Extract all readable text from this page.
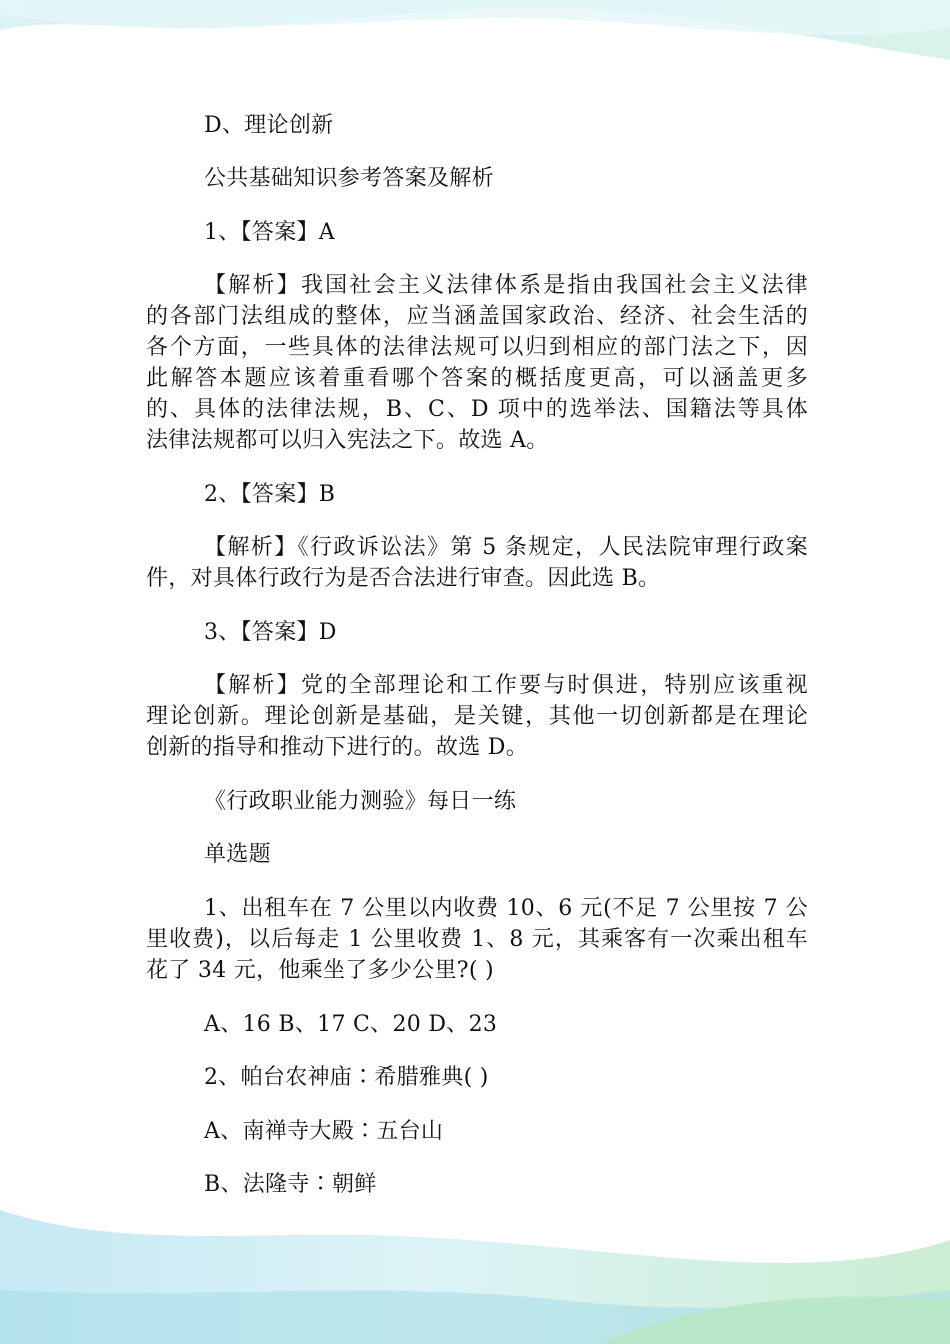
D、理论创新

公共基础知识参考答案及解析

1、【答案】A

【解析】我国社会主义法律体系是指由我国社会主义法律
的各部门法组成的整体，应当涵盖国家政治、经济、社会生活的
各个方面，一些具体的法律法规可以归到相应的部门法之下，因
此解答本题应该着重看哪个答案的概括度更高，可以涵盖更多
的、具体的法律法规，B、C、D 项中的选举法、国籍法等具体
法律法规都可以归入宪法之下。故选 A。

2、【答案】B

【解析】《行政诉讼法》第 5 条规定，人民法院审理行政案
件，对具体行政行为是否合法进行审查。因此选 B。

3、【答案】D

【解析】党的全部理论和工作要与时俱进，特别应该重视
理论创新。理论创新是基础，是关键，其他一切创新都是在理论
创新的指导和推动下进行的。故选 D。

《行政职业能力测验》每日一练

单选题

1、出租车在 7 公里以内收费 10、6 元(不足 7 公里按 7 公
里收费)，以后每走 1 公里收费 1、8 元，其乘客有一次乘出租车
花了 34 元，他乘坐了多少公里?( )

A、16 B、17 C、20 D、23

2、帕台农神庙∶希腊雅典( )

A、南禅寺大殿∶五台山

B、法隆寺∶朝鲜
